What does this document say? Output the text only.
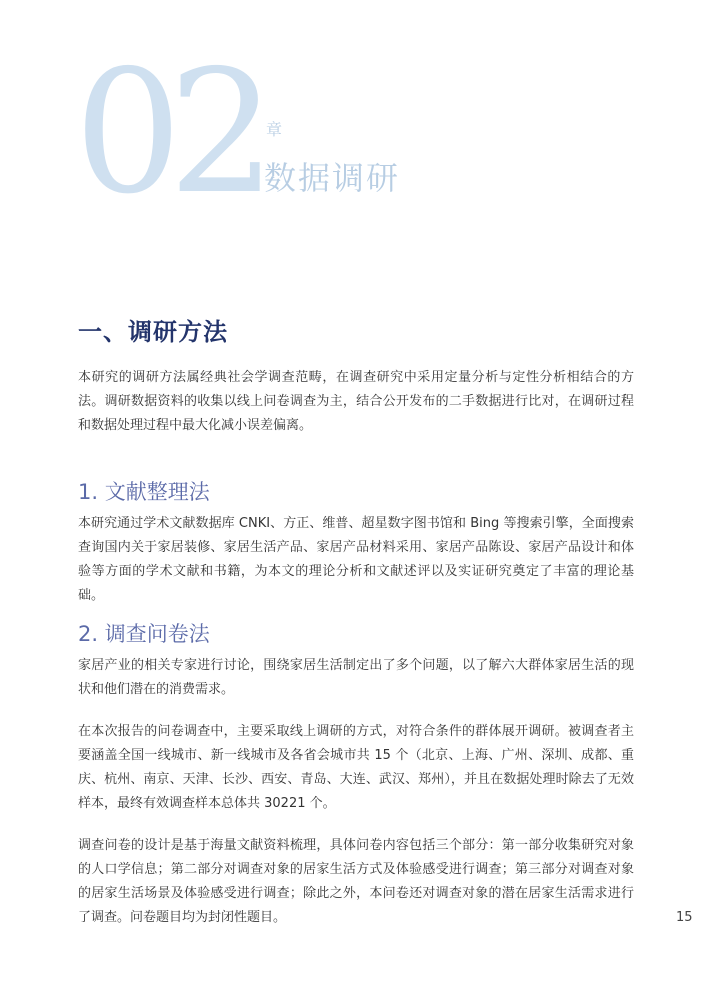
02 章
数据调研
一、调研方法
本研究的调研方法属经典社会学调查范畴，在调查研究中采用定量分析与定性分析相结合的方法。调研数据资料的收集以线上问卷调查为主，结合公开发布的二手数据进行比对，在调研过程和数据处理过程中最大化减小误差偏离。
1. 文献整理法
本研究通过学术文献数据库 CNKI、方正、维普、超星数字图书馆和 Bing 等搜索引擎，全面搜索查询国内关于家居装修、家居生活产品、家居产品材料采用、家居产品陈设、家居产品设计和体验等方面的学术文献和书籍，为本文的理论分析和文献述评以及实证研究奠定了丰富的理论基础。
2. 调查问卷法
家居产业的相关专家进行讨论，围绕家居生活制定出了多个问题，以了解六大群体家居生活的现状和他们潜在的消费需求。
在本次报告的问卷调查中，主要采取线上调研的方式，对符合条件的群体展开调研。被调查者主要涵盖全国一线城市、新一线城市及各省会城市共 15 个（北京、上海、广州、深圳、成都、重庆、杭州、南京、天津、长沙、西安、青岛、大连、武汉、郑州），并且在数据处理时除去了无效样本，最终有效调查样本总体共 30221 个。
调查问卷的设计是基于海量文献资料梳理，具体问卷内容包括三个部分：第一部分收集研究对象的人口学信息；第二部分对调查对象的居家生活方式及体验感受进行调查；第三部分对调查对象的居家生活场景及体验感受进行调查；除此之外，本问卷还对调查对象的潜在居家生活需求进行了调查。问卷题目均为封闭性题目。	15
